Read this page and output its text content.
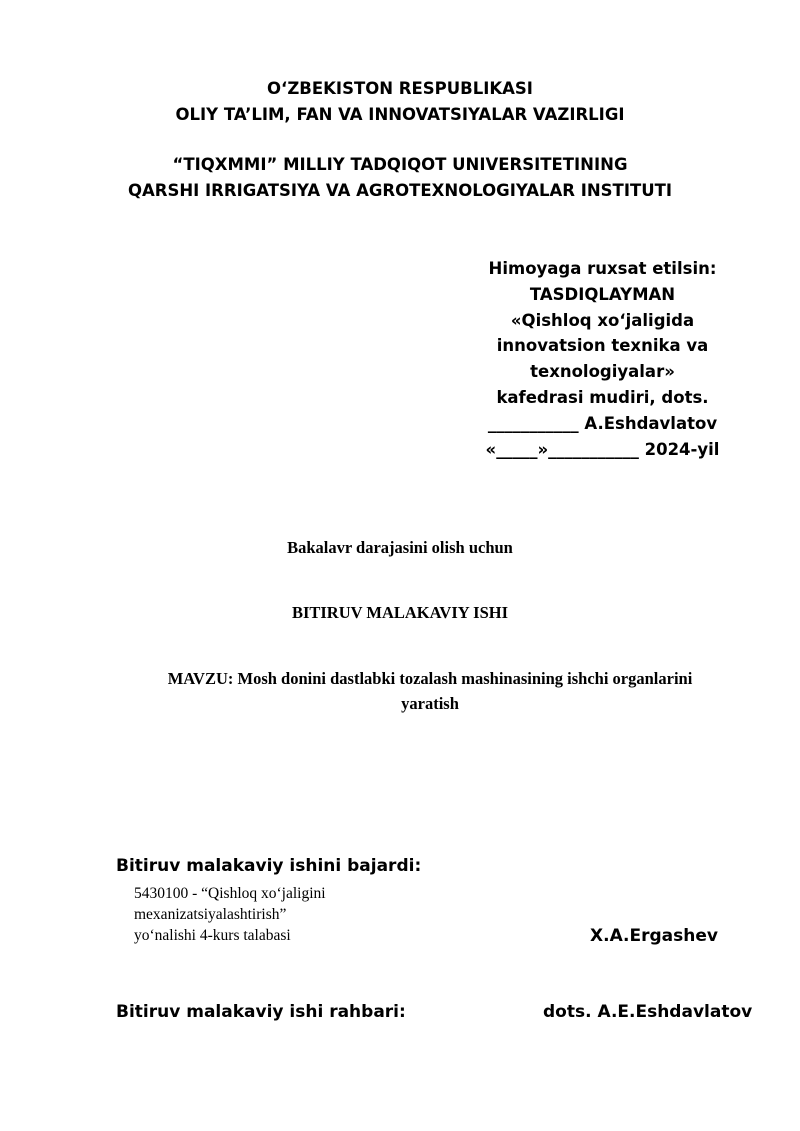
O‘ZBEKISTON RESPUBLIKASI
OLIY TA’LIM, FAN VA INNOVATSIYALAR VAZIRLIGI
“TIQXMMI” MILLIY TADQIQOT UNIVERSITETINING
QARSHI IRRIGATSIYA VA AGROTEXNOLOGIYALAR INSTITUTI
Himoyaga ruxsat etilsin:
TASDIQLAYMAN
«Qishloq xo‘jaligida
innovatsion texnika va
texnologiyalar»
kafedrasi mudiri, dots.
___________ A.Eshdavlatov
«_____»___________ 2024-yil
Bakalavr darajasini olish uchun
BITIRUV MALAKAVIY ISHI
MAVZU: Mosh donini dastlabki tozalash mashinasining ishchi organlarini
yaratish
Bitiruv malakaviy ishini bajardi:
5430100 - “Qishloq xo‘jaligini
mexanizatsiyalashtirish”
yo‘nalishi 4-kurs talabasi	X.A.Ergashev
Bitiruv malakaviy ishi rahbari:	dots. A.E.Eshdavlatov
